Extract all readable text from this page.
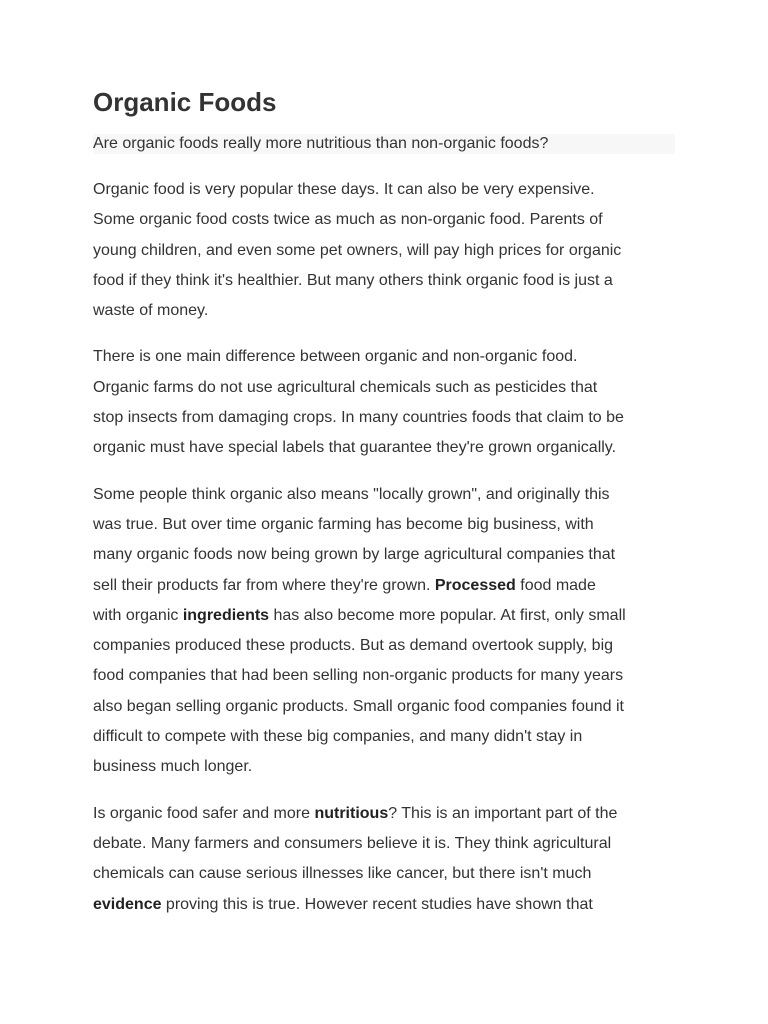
Organic Foods
Are organic foods really more nutritious than non-organic foods?

Organic food is very popular these days. It can also be very expensive.
Some organic food costs twice as much as non-organic food. Parents of
young children, and even some pet owners, will pay high prices for organic
food if they think it's healthier. But many others think organic food is just a
waste of money.

There is one main difference between organic and non-organic food.
Organic farms do not use agricultural chemicals such as pesticides that
stop insects from damaging crops. In many countries foods that claim to be
organic must have special labels that guarantee they're grown organically.

Some people think organic also means "locally grown", and originally this
was true. But over time organic farming has become big business, with
many organic foods now being grown by large agricultural companies that
sell their products far from where they're grown. Processed food made
with organic ingredients has also become more popular. At first, only small
companies produced these products. But as demand overtook supply, big
food companies that had been selling non-organic products for many years
also began selling organic products. Small organic food companies found it
difficult to compete with these big companies, and many didn't stay in
business much longer.

Is organic food safer and more nutritious? This is an important part of the
debate. Many farmers and consumers believe it is. They think agricultural
chemicals can cause serious illnesses like cancer, but there isn't much
evidence proving this is true. However recent studies have shown that
